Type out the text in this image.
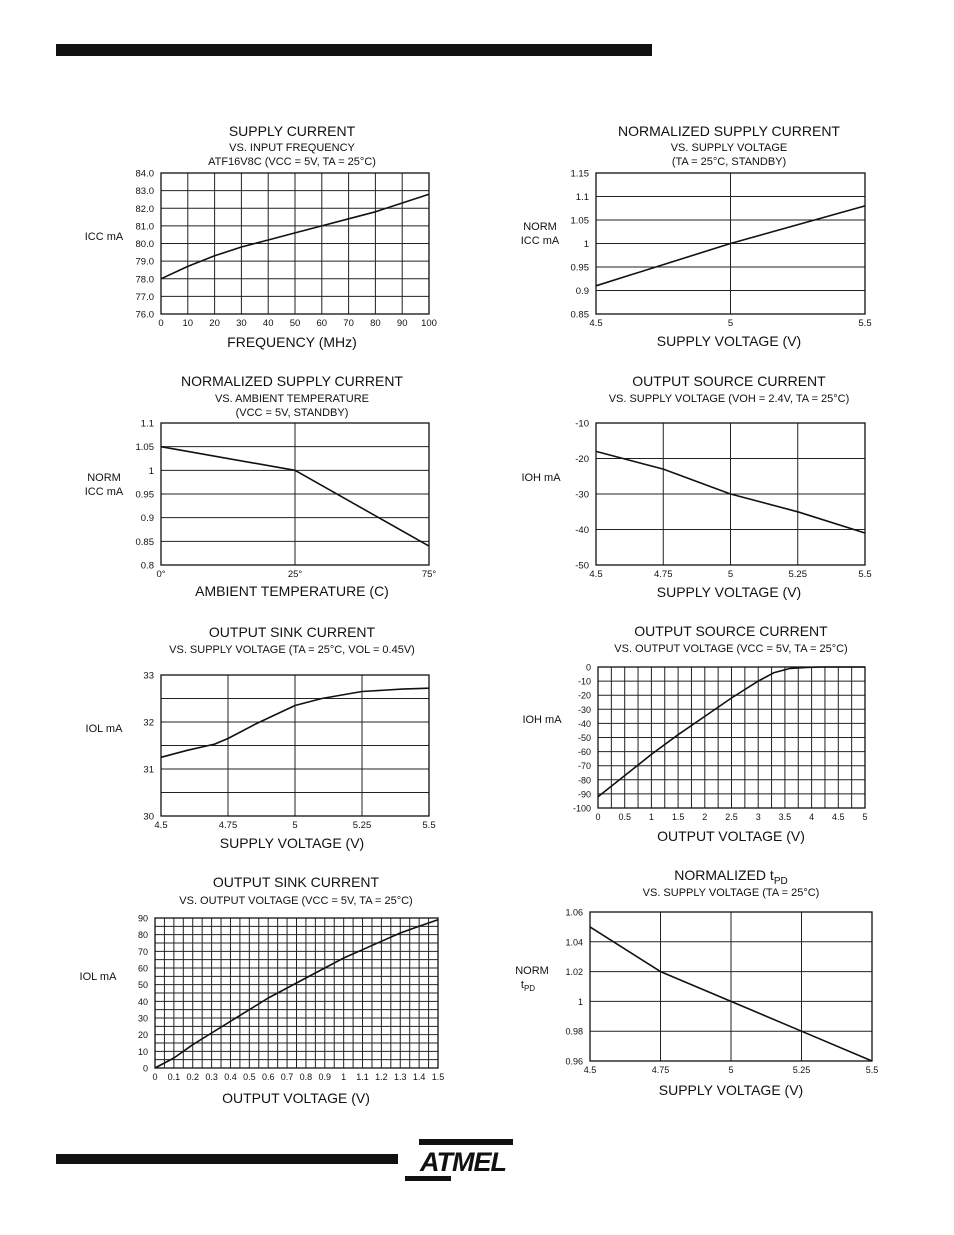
SUPPLY CURRENT
VS. INPUT FREQUENCY
ATF16V8C (VCC = 5V, TA = 25°C)
0 10 20 30 40 50 60 70 80 90 100
76.0
77.0
78.0
79.0
80.0
81.0
82.0
83.0
84.0
FREQUENCY (MHz)
ICC mA
NORMALIZED SUPPLY CURRENT
VS. SUPPLY VOLTAGE
(TA = 25°C, STANDBY)
4.5	5	5.5
0.85
0.9
0.95
1
1.05
1.1
1.15
SUPPLY VOLTAGE (V)
NORM
ICC mA
NORMALIZED SUPPLY CURRENT
VS. AMBIENT TEMPERATURE
(VCC = 5V, STANDBY)
0°	25°	75°
0.8
0.85
0.9
0.95
1
1.05
1.1
AMBIENT TEMPERATURE (C)
NORM
ICC mA
OUTPUT SOURCE CURRENT
VS. SUPPLY VOLTAGE (VOH = 2.4V, TA = 25°C)
4.5	4.75	5	5.25	5.5
-50
-40
-30
-20
-10
SUPPLY VOLTAGE (V)
IOH mA
OUTPUT SINK CURRENT
VS. SUPPLY VOLTAGE (TA = 25°C, VOL = 0.45V)
4.5	4.75	5	5.25	5.5
30
31
32
33
SUPPLY VOLTAGE (V)
IOL mA
OUTPUT SOURCE CURRENT
VS. OUTPUT VOLTAGE (VCC = 5V, TA = 25°C)
0 0.5 1 1.5 2 2.5 3 3.5 4 4.5 5
-100
-90
-80
-70
-60
-50
-40
-30
-20
-10
0
OUTPUT VOLTAGE (V)
IOH mA
OUTPUT SINK CURRENT
VS. OUTPUT VOLTAGE (VCC = 5V, TA = 25°C)
0 0.1 0.2 0.3 0.4 0.5 0.6 0.7 0.8 0.9 1 1.1 1.2 1.3 1.4 1.5
0
10
20
30
40
50
60
70
80
90
OUTPUT VOLTAGE (V)
IOL mA
NORMALIZED $t_{PD}$
VS. SUPPLY VOLTAGE (TA = 25°C)
4.5	4.75	5	5.25	5.5
0.96
0.98
1
1.02
1.04
1.06
SUPPLY VOLTAGE (V)
NORM
$t_{PD}$
ATMEL
